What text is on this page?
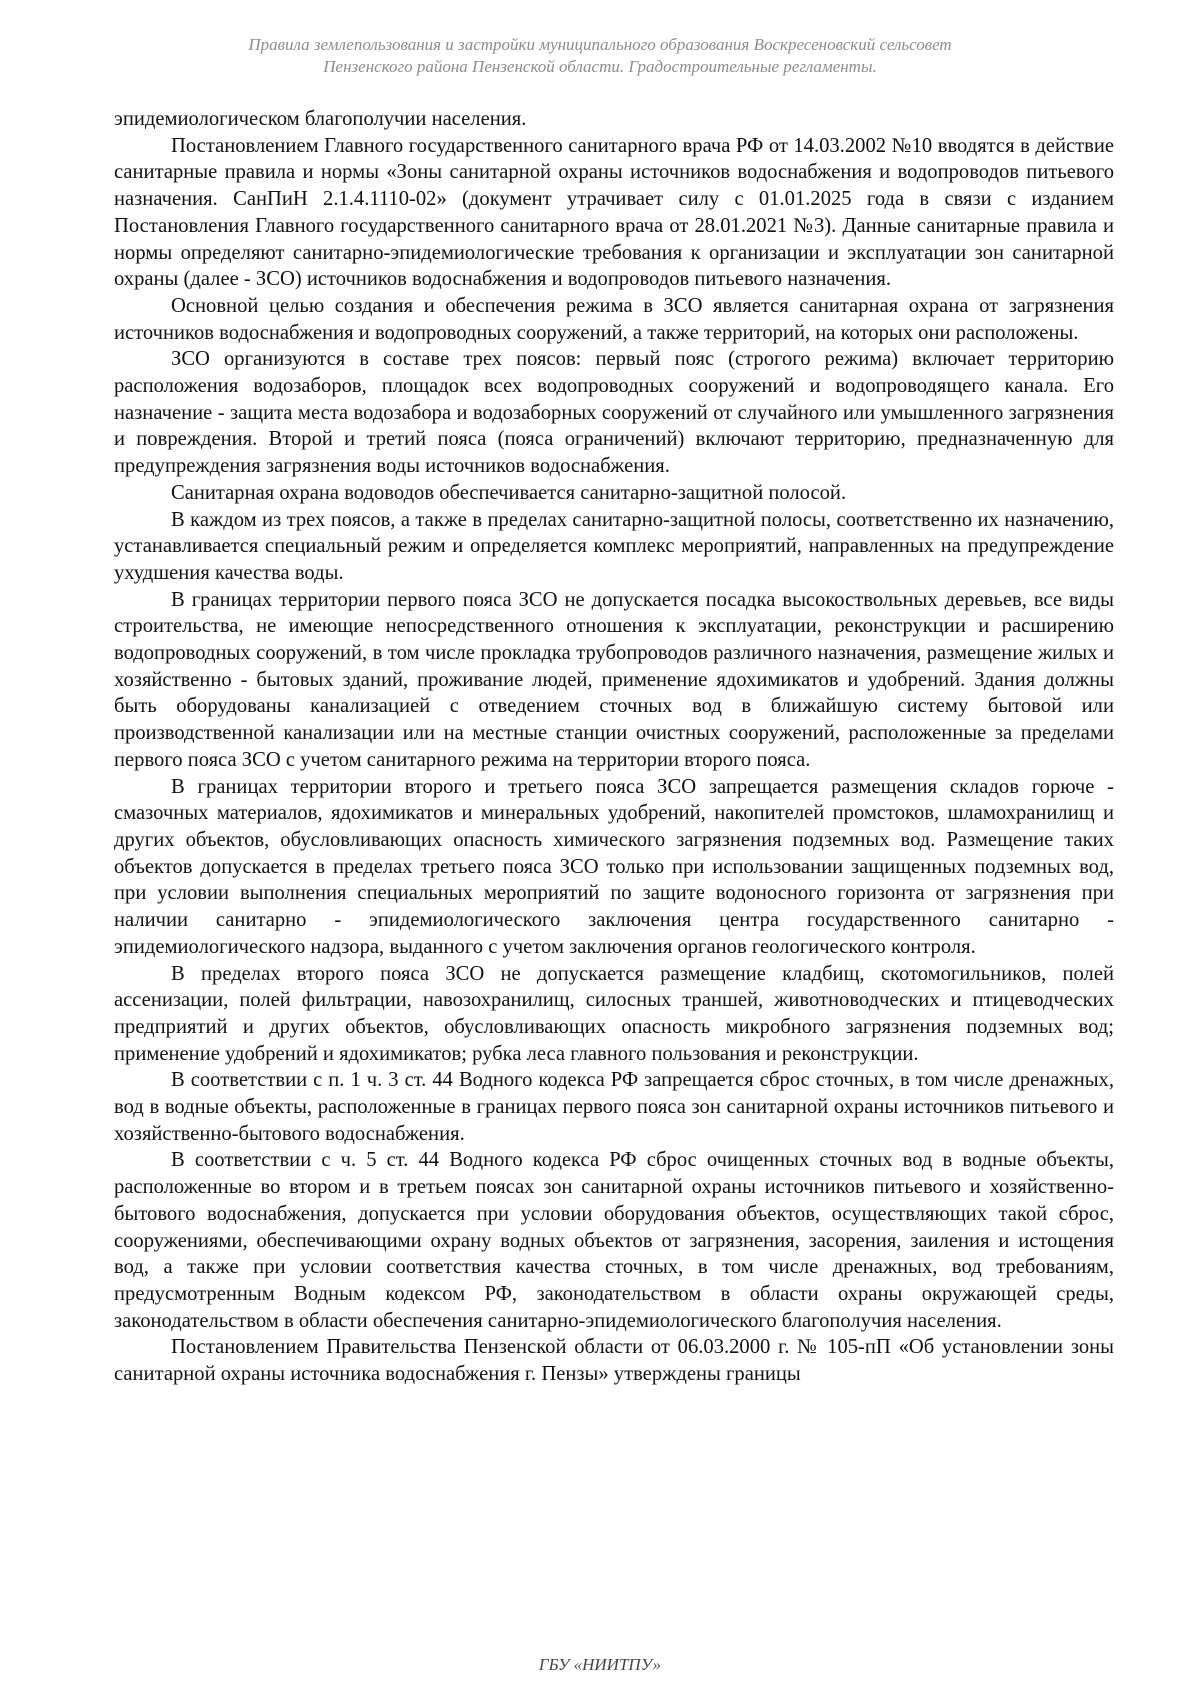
Правила землепользования и застройки муниципального образования Воскресеновский сельсовет
Пензенского района Пензенской области. Градостроительные регламенты.

эпидемиологическом благополучии населения.

Постановлением Главного государственного санитарного врача РФ от 14.03.2002 №10 вводятся в действие санитарные правила и нормы «Зоны санитарной охраны источников водоснабжения и водопроводов питьевого назначения. СанПиН 2.1.4.1110-02» (документ утрачивает силу с 01.01.2025 года в связи с изданием Постановления Главного государственного санитарного врача от 28.01.2021 №3). Данные санитарные правила и нормы определяют санитарно-эпидемиологические требования к организации и эксплуатации зон санитарной охраны (далее - ЗСО) источников водоснабжения и водопроводов питьевого назначения.

Основной целью создания и обеспечения режима в ЗСО является санитарная охрана от загрязнения источников водоснабжения и водопроводных сооружений, а также территорий, на которых они расположены.

ЗСО организуются в составе трех поясов: первый пояс (строгого режима) включает территорию расположения водозаборов, площадок всех водопроводных сооружений и водопроводящего канала. Его назначение - защита места водозабора и водозаборных сооружений от случайного или умышленного загрязнения и повреждения. Второй и третий пояса (пояса ограничений) включают территорию, предназначенную для предупреждения загрязнения воды источников водоснабжения.

Санитарная охрана водоводов обеспечивается санитарно-защитной полосой.

В каждом из трех поясов, а также в пределах санитарно-защитной полосы, соответственно их назначению, устанавливается специальный режим и определяется комплекс мероприятий, направленных на предупреждение ухудшения качества воды.

В границах территории первого пояса ЗСО не допускается посадка высокоствольных деревьев, все виды строительства, не имеющие непосредственного отношения к эксплуатации, реконструкции и расширению водопроводных сооружений, в том числе прокладка трубопроводов различного назначения, размещение жилых и хозяйственно - бытовых зданий, проживание людей, применение ядохимикатов и удобрений. Здания должны быть оборудованы канализацией с отведением сточных вод в ближайшую систему бытовой или производственной канализации или на местные станции очистных сооружений, расположенные за пределами первого пояса ЗСО с учетом санитарного режима на территории второго пояса.

В границах территории второго и третьего пояса ЗСО запрещается размещения складов горюче - смазочных материалов, ядохимикатов и минеральных удобрений, накопителей промстоков, шламохранилищ и других объектов, обусловливающих опасность химического загрязнения подземных вод. Размещение таких объектов допускается в пределах третьего пояса ЗСО только при использовании защищенных подземных вод, при условии выполнения специальных мероприятий по защите водоносного горизонта от загрязнения при наличии санитарно - эпидемиологического заключения центра государственного санитарно - эпидемиологического надзора, выданного с учетом заключения органов геологического контроля.

В пределах второго пояса ЗСО не допускается размещение кладбищ, скотомогильников, полей ассенизации, полей фильтрации, навозохранилищ, силосных траншей, животноводческих и птицеводческих предприятий и других объектов, обусловливающих опасность микробного загрязнения подземных вод; применение удобрений и ядохимикатов; рубка леса главного пользования и реконструкции.

В соответствии с п. 1 ч. 3 ст. 44 Водного кодекса РФ запрещается сброс сточных, в том числе дренажных, вод в водные объекты, расположенные в границах первого пояса зон санитарной охраны источников питьевого и хозяйственно-бытового водоснабжения.

В соответствии с ч. 5 ст. 44 Водного кодекса РФ сброс очищенных сточных вод в водные объекты, расположенные во втором и в третьем поясах зон санитарной охраны источников питьевого и хозяйственно-бытового водоснабжения, допускается при условии оборудования объектов, осуществляющих такой сброс, сооружениями, обеспечивающими охрану водных объектов от загрязнения, засорения, заиления и истощения вод, а также при условии соответствия качества сточных, в том числе дренажных, вод требованиям, предусмотренным Водным кодексом РФ, законодательством в области охраны окружающей среды, законодательством в области обеспечения санитарно-эпидемиологического благополучия населения.

Постановлением Правительства Пензенской области от 06.03.2000 г. № 105-пП «Об установлении зоны санитарной охраны источника водоснабжения г. Пензы» утверждены границы

ГБУ «НИИТПУ»
